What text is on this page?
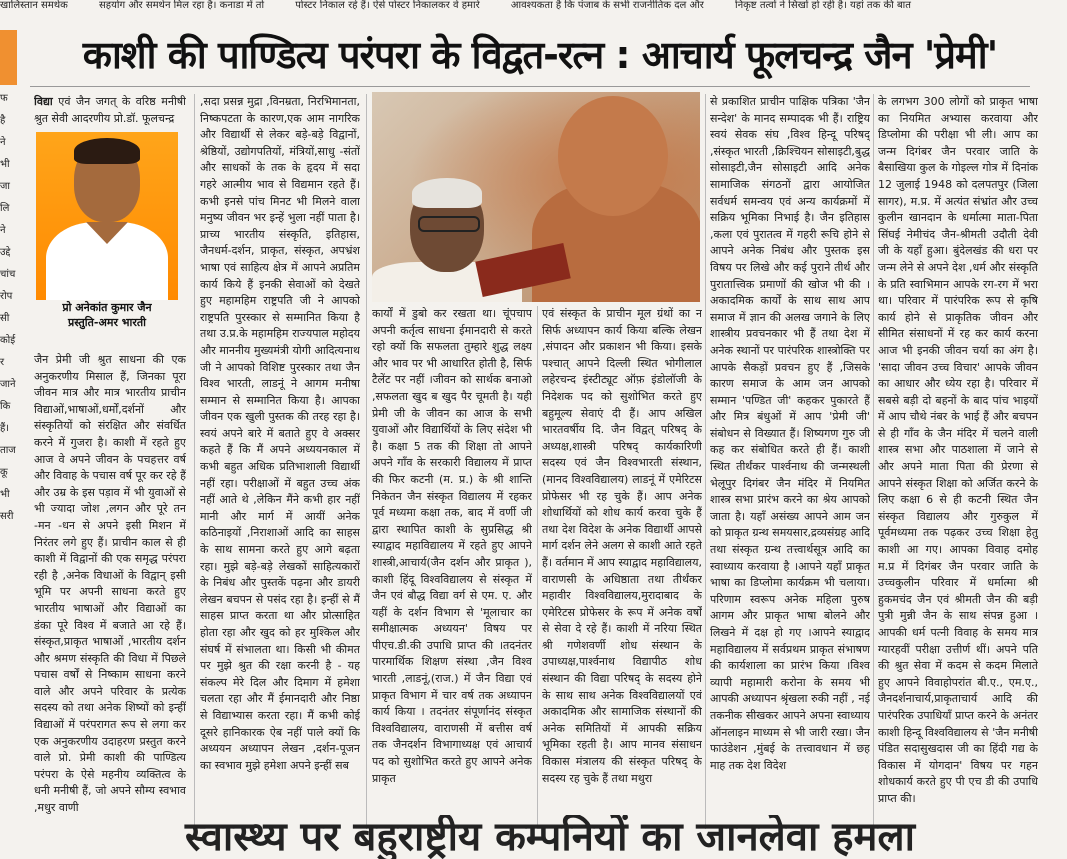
खालिस्तान समर्थक	सहयोग और समर्थन मिल रहा है। कनाडा में तो	पोस्टर निकाल रहे हैं। ऐसे पोस्टर निकालकर वे हमारे	आवश्यकता है कि पंजाब के सभी राजनीतिक दल और	निकृष्ट तत्वों ने सिखों हो रही है। यहां तक की बात
फ
है
ने
भी
जा
लि
ने
उद्दे
चांच
रोप
सी
कोई
र
जाने
कि
हैं।
ताज
कू
भी
सरी
काशी की पाण्डित्य परंपरा के विद्वत-रत्न : आचार्य फूलचन्द्र जैन 'प्रेमी'

विद्या एवं जैन जगत् के वरिष्ठ मनीषी श्रुत सेवी आदरणीय प्रो.डॉ. फूलचन्द्र

प्रो अनेकांत कुमार जैन
प्रस्तुति-अमर भारती

जैन प्रेमी जी श्रुत साधना की एक अनुकरणीय मिसाल हैं, जिनका पूरा जीवन मात्र और मात्र भारतीय प्राचीन विद्याओं,भाषाओं,धर्मों,दर्शनों और संस्कृतियों को संरक्षित और संवर्धित करने में गुजरा है। काशी में रहते हुए आज वे अपने जीवन के पचहत्तर वर्ष और विवाह के पचास वर्ष पूर कर रहे हैं और उम्र के इस पड़ाव में भी युवाओं से भी ज्यादा जोश ,लगन और पूरे तन -मन -धन से अपने इसी मिशन में निरंतर लगे हुए हैं। प्राचीन काल से ही काशी में विद्वानों की एक समृद्ध परंपरा रही है ,अनेक विधाओं के विद्वान् इसी भूमि पर अपनी साधना करते हुए भारतीय भाषाओं और विद्याओं का डंका पूरे विश्व में बजाते आ रहे हैं। संस्कृत,प्राकृत भाषाओं ,भारतीय दर्शन और श्रमण संस्कृति की विधा में पिछले पचास वर्षों से निष्काम साधना करने वाले और अपने परिवार के प्रत्येक सदस्य को तथा अनेक शिष्यों को इन्हीं विद्याओं में परंपरागत रूप से लगा कर एक अनुकरणीय उदाहरण प्रस्तुत करने वाले प्रो. प्रेमी काशी की पाण्डित्य परंपरा के ऐसे महनीय व्यक्तित्व के धनी मनीषी हैं, जो अपने सौम्य स्वभाव ,मधुर वाणी

,सदा प्रसन्न मुद्रा ,विनम्रता, निरभिमानता, निष्कपटता के कारण,एक आम नागरिक और विद्यार्थी से लेकर बड़े-बड़े विद्वानों, श्रेष्ठियों, उद्योगपतियों, मंत्रियों,साधु -संतों और साधकों के तक के हृदय में सदा गहरे आत्मीय भाव से विद्यमान रहते हैं। कभी इनसे पांच मिनट भी मिलने वाला मनुष्य जीवन भर इन्हें भुला नहीं पाता है। प्राच्य भारतीय संस्कृति, इतिहास, जैनधर्म-दर्शन, प्राकृत, संस्कृत, अपभ्रंश भाषा एवं साहित्य क्षेत्र में आपने अप्रतिम कार्य किये हैं इनकी सेवाओं को देखते हुए महामहिम राष्ट्रपति जी ने आपको राष्ट्रपति पुरस्कार से सम्मानित किया है तथा उ.प्र.के महामहिम राज्यपाल महोदय और माननीय मुख्यमंत्री योगी आदित्यनाथ जी ने आपको विशिष्ट पुरस्कार तथा जैन विश्व भारती, लाडनूं ने आगम मनीषा सम्मान से सम्मानित किया है। आपका जीवन एक खुली पुस्तक की तरह रहा है। स्वयं अपने बारे में बताते हुए वे अक्सर कहते हैं कि मैं अपने अध्ययनकाल में कभी बहुत अधिक प्रतिभाशाली विद्यार्थी नहीं रहा। परीक्षाओं में बहुत उच्च अंक नहीं आते थे ,लेकिन मैंने कभी हार नहीं मानी और मार्ग में आयीं अनेक कठिनाइयों ,निराशाओं आदि का साहस के साथ सामना करते हुए आगे बढ़ता रहा। मुझे बड़े-बड़े लेखकों साहित्यकारों के निबंध और पुस्तकें पढ़ना और डायरी लेखन बचपन से पसंद रहा है। इन्हीं से मैं साहस प्राप्त करता था और प्रोत्साहित होता रहा और खुद को हर मुश्किल और संघर्ष में संभालता था। किसी भी कीमत पर मुझे श्रुत की रक्षा करनी है - यह संकल्प मेरे दिल और दिमाग में हमेशा चलता रहा और मैं ईमानदारी और निष्ठा से विद्याभ्यास करता रहा। मैं कभी कोई दूसरे हानिकारक ऐब नहीं पाले क्यों कि अध्ययन अध्यापन लेखन ,दर्शन-पूजन का स्वभाव मुझे हमेशा अपने इन्हीं सब

कार्यों में डुबो कर रखता था। चूंपचाप अपनी कर्तृत्व साधना ईमानदारी से करते रहो क्यों कि सफलता तुम्हारे शुद्ध लक्ष्य और भाव पर भी आधारित होती है, सिर्फ टैलेंट पर नहीं ।जीवन को सार्थक बनाओ ,सफलता खुद ब खुद पैर चूमती है। यही प्रेमी जी के जीवन का आज के सभी युवाओं और विद्यार्थियों के लिए संदेश भी है। कक्षा 5 तक की शिक्षा तो आपने अपने गाँव के सरकारी विद्यालय में प्राप्त की फिर कटनी (म. प्र.) के श्री शान्ति निकेतन जैन संस्कृत विद्यालय में रहकर पूर्व मध्यमा कक्षा तक, बाद में वर्णी जी द्वारा स्थापित काशी के सुप्रसिद्ध श्री स्याद्वाद महाविद्यालय में रहते हुए आपने शास्त्री,आचार्य(जैन दर्शन और प्राकृत ), काशी हिंदू विश्वविद्यालय से संस्कृत में जैन एवं बौद्ध विद्या वर्ग से एम. ए. और यहीं के दर्शन विभाग से 'मूलाचार का समीक्षात्मक अध्ययन' विषय पर पीएच.डी.की उपाधि प्राप्त की ।तदनंतर पारमार्थिक शिक्षण संस्था ,जैन विश्व भारती ,लाडनूं,(राज.) में जैन विद्या एवं प्राकृत विभाग में चार वर्ष तक अध्यापन कार्य किया । तदनंतर संपूर्णानंद संस्कृत विश्वविद्यालय, वाराणसी में बत्तीस वर्ष तक जैनदर्शन विभागाध्यक्ष एवं आचार्य पद को सुशोभित करते हुए आपने अनेक प्राकृत

एवं संस्कृत के प्राचीन मूल ग्रंथों का न सिर्फ अध्यापन कार्य किया बल्कि लेखन ,संपादन और प्रकाशन भी किया। इसके पश्चात् आपने दिल्ली स्थित भोगीलाल लहेरचन्द इंस्टीट्यूट ऑफ़ इंडोलॉजी के निदेशक पद को सुशोभित करते हुए बहुमूल्य सेवाएं दी हैं। आप अखिल भारतवर्षीय दि. जैन विद्वत् परिषद् के अध्यक्ष,शास्त्री परिषद् कार्यकारिणी सदस्य एवं जैन विश्वभारती संस्थान, (मानद विश्वविद्यालय) लाडनूं में एमेरिटस प्रोफेसर भी रह चुके हैं। आप अनेक शोधार्थियों को शोध कार्य करवा चुके हैं तथा देश विदेश के अनेक विद्यार्थी आपसे मार्ग दर्शन लेने अलग से काशी आते रहते हैं। वर्तमान में आप स्याद्वाद महाविद्यालय, वाराणसी के अधिष्ठाता तथा तीर्थंकर महावीर विश्वविद्यालय,मुरादाबाद के एमेरिटस प्रोफेसर के रूप में अनेक वर्षों से सेवा दे रहे हैं। काशी में नरिया स्थित श्री गणेशवर्णी शोध संस्थान के उपाध्यक्ष,पार्श्वनाथ विद्यापीठ शोध संस्थान की विद्या परिषद् के सदस्य होने के साथ साथ अनेक विश्वविद्यालयों एवं अकादमिक और सामाजिक संस्थानों की अनेक समितियों में आपकी सक्रिय भूमिका रहती है। आप मानव संसाधन विकास मंत्रालय की संस्कृत परिषद् के सदस्य रह चुके हैं तथा मथुरा

से प्रकाशित प्राचीन पाक्षिक पत्रिका 'जैन सन्देश' के मानद सम्पादक भी हैं। राष्ट्रिय स्वयं सेवक संघ ,विश्व हिन्दू परिषद् ,संस्कृत भारती ,क्रिश्चियन सोसाइटी,बुद्ध सोसाइटी,जैन सोसाइटी आदि अनेक सामाजिक संगठनों द्वारा आयोजित सर्वधर्म समन्वय एवं अन्य कार्यक्रमों में सक्रिय भूमिका निभाई है। जैन इतिहास ,कला एवं पुरातत्व में गहरी रूचि होने से आपने अनेक निबंध और पुस्तक इस विषय पर लिखे और कई पुराने तीर्थ और पुरातात्त्विक प्रमाणों की खोज भी की ।अकादमिक कार्यों के साथ साथ आप समाज में ज्ञान की अलख जगाने के लिए शास्त्रीय प्रवचनकार भी हैं तथा देश में अनेक स्थानों पर पारंपरिक शास्त्रोक्ति पर आपके सैकड़ों प्रवचन हुए हैं ,जिसके कारण समाज के आम जन आपको सम्मान 'पण्डित जी' कहकर पुकारते हैं और मित्र बंधुओं में आप 'प्रेमी जी' संबोधन से विख्यात हैं। शिष्यगण गुरु जी कह कर संबोधित करते ही हैं। काशी स्थित तीर्थंकर पार्श्वनाथ की जन्मस्थली भेलूपुर दिगंबर जैन मंदिर में नियमित शास्त्र सभा प्रारंभ करने का श्रेय आपको जाता है। यहाँ असंख्य आपने आम जन को प्राकृत ग्रन्थ समयसार,द्रव्यसंग्रह आदि तथा संस्कृत ग्रन्थ तत्त्वार्थसूत्र आदि का स्वाध्याय करवाया है ।आपने यहाँ प्राकृत भाषा का डिप्लोमा कार्यक्रम भी चलाया। परिणाम स्वरूप अनेक महिला पुरुष आगम और प्राकृत भाषा बोलने और लिखने में दक्ष हो गए ।आपने स्याद्वाद महाविद्यालय में सर्वप्रथम प्राकृत संभाषण की कार्यशाला का प्रारंभ किया ।विश्व व्यापी महामारी करोना के समय भी आपकी अध्यापन श्रृंखला रुकी नहीं , नई तकनीक सीखकर आपने अपना स्वाध्याय ऑनलाइन माध्यम से भी जारी रखा। जैन फाउंडेशन ,मुंबई के तत्त्वावधान में छह माह तक देश विदेश

के लगभग 300 लोगों को प्राकृत भाषा का नियमित अभ्यास करवाया और डिप्लोमा की परीक्षा भी ली। आप का जन्म दिगंबर जैन परवार जाति के बैसाखिया कुल के गोइल्ल गोत्र में दिनांक 12 जुलाई 1948 को दलपतपुर (जिला सागर), म.प्र. में अत्यंत संभ्रांत और उच्च कुलीन खानदान के धर्मात्मा माता-पिता सिंघई नेमीचंद जैन-श्रीमती उदौती देवी जी के यहाँ हुआ। बुंदेलखंड की धरा पर जन्म लेने से अपने देश ,धर्म और संस्कृति के प्रति स्वाभिमान आपके रग-रग में भरा था। परिवार में पारंपरिक रूप से कृषि कार्य होने से प्राकृतिक जीवन और सीमित संसाधनों में रह कर कार्य करना आज भी इनकी जीवन चर्या का अंग है। 'सादा जीवन उच्च विचार' आपके जीवन का आधार और ध्येय रहा है। परिवार में सबसे बड़ी दो बहनों के बाद पांच भाइयों में आप चौथे नंबर के भाई हैं और बचपन से ही गाँव के जैन मंदिर में चलने वाली शास्त्र सभा और पाठशाला में जाने से और अपने माता पिता की प्रेरणा से आपने संस्कृत शिक्षा को अर्जित करने के लिए कक्षा 6 से ही कटनी स्थित जैन संस्कृत विद्यालय और गुरुकुल में पूर्वमध्यमा तक पढ़कर उच्च शिक्षा हेतु काशी आ गए। आपका विवाह दमोह म.प्र में दिगंबर जैन परवार जाति के उच्चकुलीन परिवार में धर्मात्मा श्री हुकमचंद जैन एवं श्रीमती जैन की बड़ी पुत्री मुन्नी जैन के साथ संपन्न हुआ ।आपकी धर्म पत्नी विवाह के समय मात्र ग्यारहवीं परीक्षा उत्तीर्ण थीं। अपने पति की श्रुत सेवा में कदम से कदम मिलाते हुए आपने विवाहोपरांत बी.ए., एम.ए., जैनदर्शनाचार्य,प्राकृताचार्य आदि की पारंपरिक उपाधियाँ प्राप्त करने के अनंतर काशी हिन्दू विश्वविद्यालय से 'जैन मनीषी पंडित सदासुखदास जी का हिंदी गद्य के विकास में योगदान' विषय पर गहन शोधकार्य करते हुए पी एच डी की उपाधि प्राप्त की।

स्वास्थ्य पर बहुराष्ट्रीय कम्पनियों का जानलेवा हमला
